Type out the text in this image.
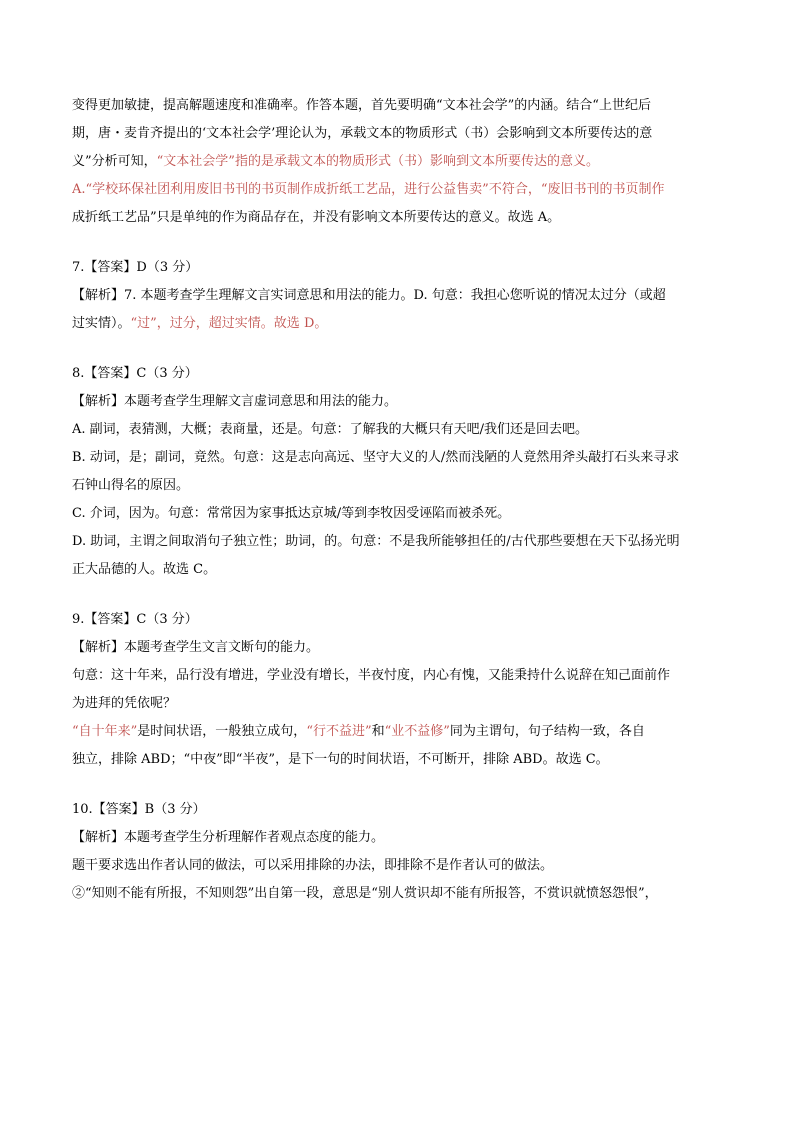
变得更加敏捷，提高解题速度和准确率。作答本题，首先要明确“文本社会学”的内涵。结合“上世纪后
期，唐・麦肯齐提出的‘文本社会学’理论认为，承载文本的物质形式（书）会影响到文本所要传达的意
义”分析可知，“文本社会学”指的是承载文本的物质形式（书）影响到文本所要传达的意义。
A.“学校环保社团利用废旧书刊的书页制作成折纸工艺品，进行公益售卖”不符合，“废旧书刊的书页制作
成折纸工艺品”只是单纯的作为商品存在，并没有影响文本所要传达的意义。故选 A。
7.【答案】D（3 分）
【解析】7. 本题考查学生理解文言实词意思和用法的能力。D. 句意：我担心您听说的情况太过分（或超
过实情）。“过”，过分，超过实情。故选 D。
8.【答案】C（3 分）
【解析】本题考查学生理解文言虚词意思和用法的能力。
A. 副词，表猜测，大概；表商量，还是。句意：了解我的大概只有天吧/我们还是回去吧。
B. 动词，是；副词，竟然。句意：这是志向高远、坚守大义的人/然而浅陋的人竟然用斧头敲打石头来寻求
石钟山得名的原因。
C. 介词，因为。句意：常常因为家事抵达京城/等到李牧因受诬陷而被杀死。
D. 助词，主谓之间取消句子独立性；助词，的。句意：不是我所能够担任的/古代那些要想在天下弘扬光明
正大品德的人。故选 C。
9.【答案】C（3 分）
【解析】本题考查学生文言文断句的能力。
句意：这十年来，品行没有增进，学业没有增长，半夜忖度，内心有愧，又能秉持什么说辞在知己面前作
为进拜的凭依呢？
“自十年来”是时间状语，一般独立成句，“行不益进”和“业不益修”同为主谓句，句子结构一致，各自
独立，排除 ABD；“中夜”即“半夜”，是下一句的时间状语，不可断开，排除 ABD。故选 C。
10.【答案】B（3 分）
【解析】本题考查学生分析理解作者观点态度的能力。
题干要求选出作者认同的做法，可以采用排除的办法，即排除不是作者认可的做法。
②“知则不能有所报，不知则怨”出自第一段，意思是“别人赏识却不能有所报答，不赏识就愤怒怨恨”，
